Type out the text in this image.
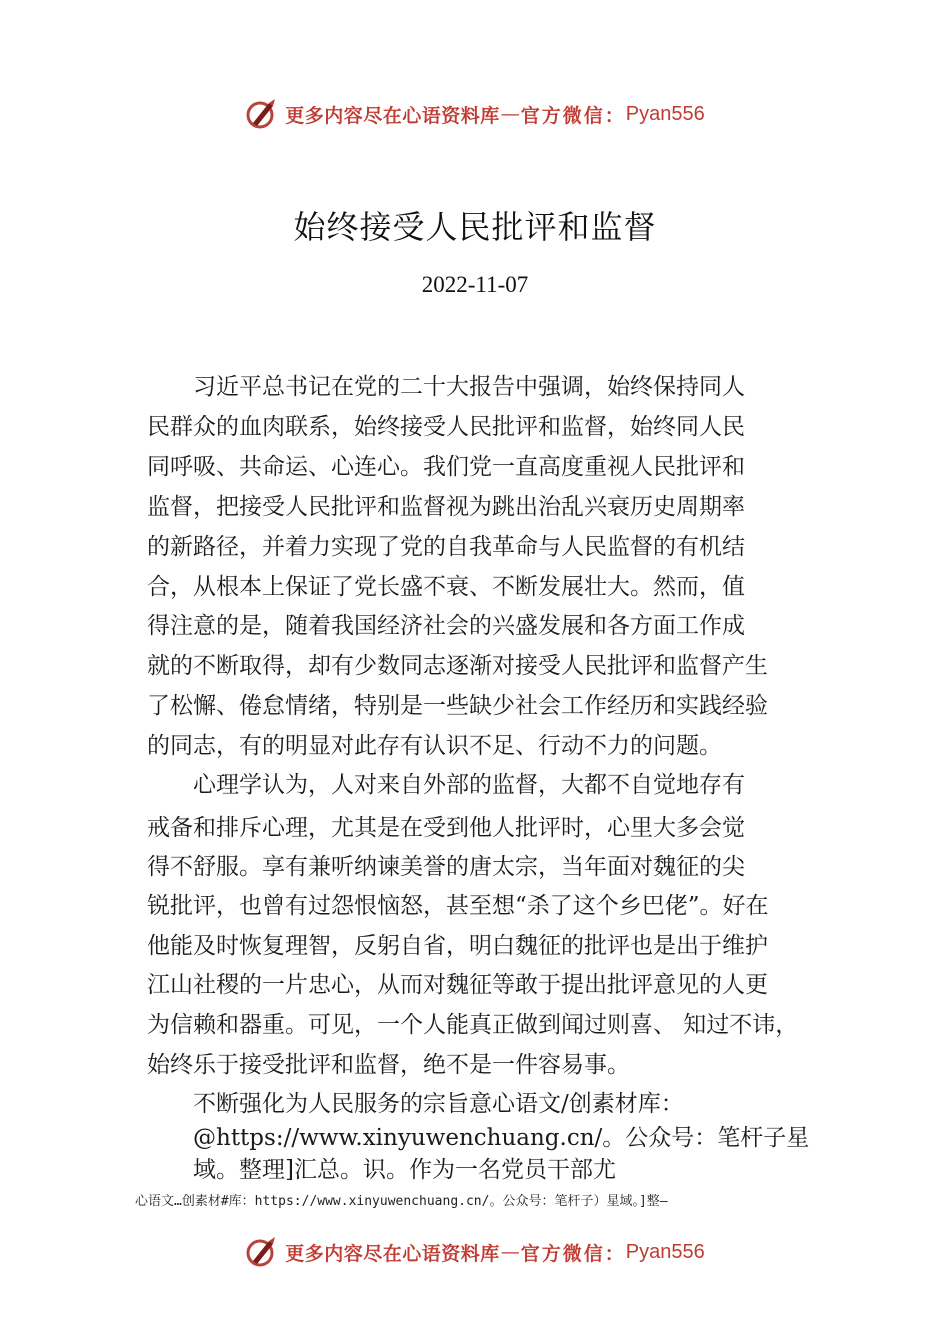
更多内容尽在心语资料库 — 官方微信： Pyan556
始终接受人民批评和监督
2022-11-07
　　习近平总书记在党的二十大报告中强调，始终保持同人
民群众的血肉联系，始终接受人民批评和监督，始终同人民
同呼吸、共命运、心连心。我们党一直高度重视人民批评和
监督，把接受人民批评和监督视为跳出治乱兴衰历史周期率
的新路径，并着力实现了党的自我革命与人民监督的有机结
合，从根本上保证了党长盛不衰、不断发展壮大。然而，值
得注意的是，随着我国经济社会的兴盛发展和各方面工作成
就的不断取得，却有少数同志逐渐对接受人民批评和监督产生
了松懈、倦怠情绪，特别是一些缺少社会工作经历和实践经验
的同志，有的明显对此存有认识不足、行动不力的问题。
　　心理学认为，人对来自外部的监督，大都不自觉地存有
戒备和排斥心理，尤其是在受到他人批评时，心里大多会觉
得不舒服。享有兼听纳谏美誉的唐太宗，当年面对魏征的尖
锐批评，也曾有过怨恨恼怒，甚至想“杀了这个乡巴佬”。好在
他能及时恢复理智，反躬自省，明白魏征的批评也是出于维护
江山社稷的一片忠心，从而对魏征等敢于提出批评意见的人更
为信赖和器重。可见，一个人能真正做到闻过则喜、 知过不讳，
始终乐于接受批评和监督，绝不是一件容易事。
　　不断强化为人民服务的宗旨意心语文/创素材库：
　　@https://www.xinyuwenchuang.cn/。公众号：笔杆子星
　　域。整理]汇总。识。作为一名党员干部尤
心语文…创素材#库：https://www.xinyuwenchuang.cn/。公众号：笔杆子）星域。]整—
更多内容尽在心语资料库 — 官方微信： Pyan556
